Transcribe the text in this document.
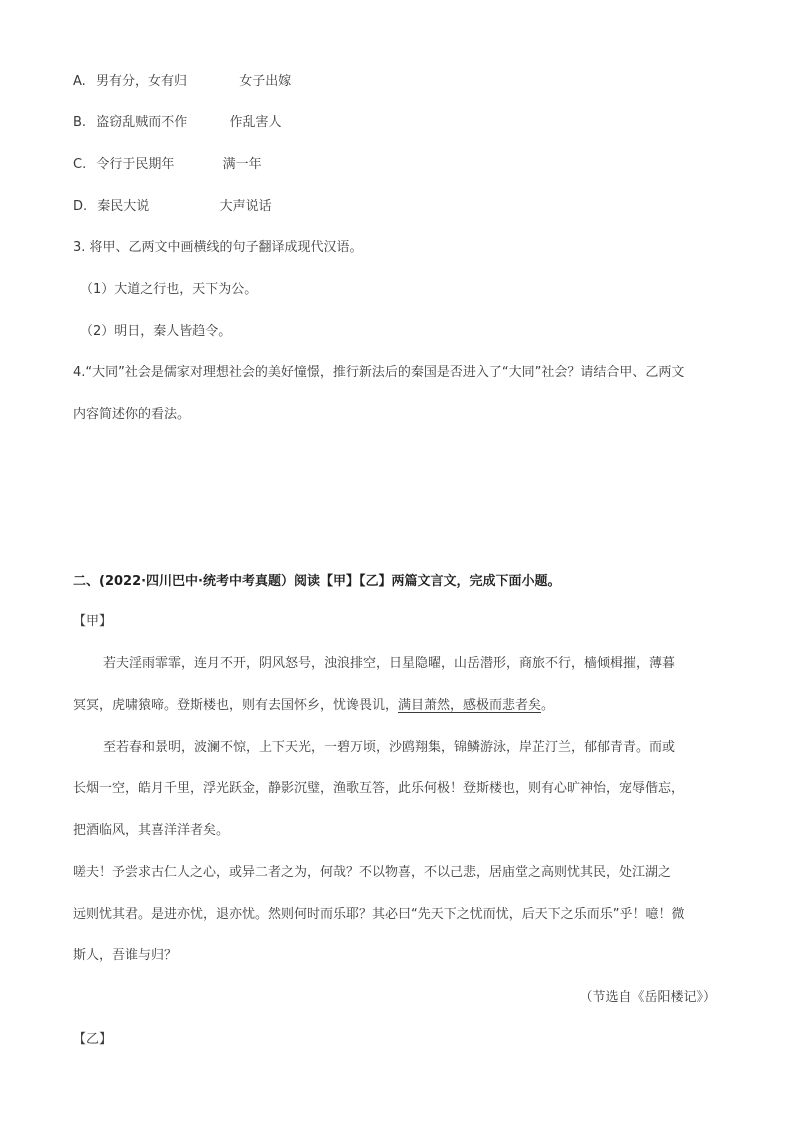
A. 男有分，女有归	女子出嫁
B. 盗窃乱贼而不作	作乱害人
C. 令行于民期年	满一年
D. 秦民大说	大声说话
3. 将甲、乙两文中画横线的句子翻译成现代汉语。
（1）大道之行也，天下为公。
（2）明日，秦人皆趋令。
4.“大同”社会是儒家对理想社会的美好憧憬，推行新法后的秦国是否进入了“大同”社会？请结合甲、乙两文
内容简述你的看法。
二、(2022·四川巴中·统考中考真题）阅读【甲】【乙】两篇文言文，完成下面小题。
【甲】
若夫淫雨霏霏，连月不开，阴风怒号，浊浪排空，日星隐曜，山岳潜形，商旅不行，樯倾楫摧，薄暮
冥冥，虎啸猿啼。登斯楼也，则有去国怀乡，忧谗畏讥，满目萧然，感极而悲者矣。
至若春和景明，波澜不惊，上下天光，一碧万顷，沙鸥翔集，锦鳞游泳，岸芷汀兰，郁郁青青。而或
长烟一空，皓月千里，浮光跃金，静影沉璧，渔歌互答，此乐何极！登斯楼也，则有心旷神怡，宠辱偕忘，
把酒临风，其喜洋洋者矣。
嗟夫！予尝求古仁人之心，或异二者之为，何哉？不以物喜，不以己悲，居庙堂之高则忧其民，处江湖之
远则忧其君。是进亦忧，退亦忧。然则何时而乐耶？其必曰“先天下之忧而忧，后天下之乐而乐”乎！噫！微
斯人，吾谁与归？
（节选自《岳阳楼记》）
【乙】
